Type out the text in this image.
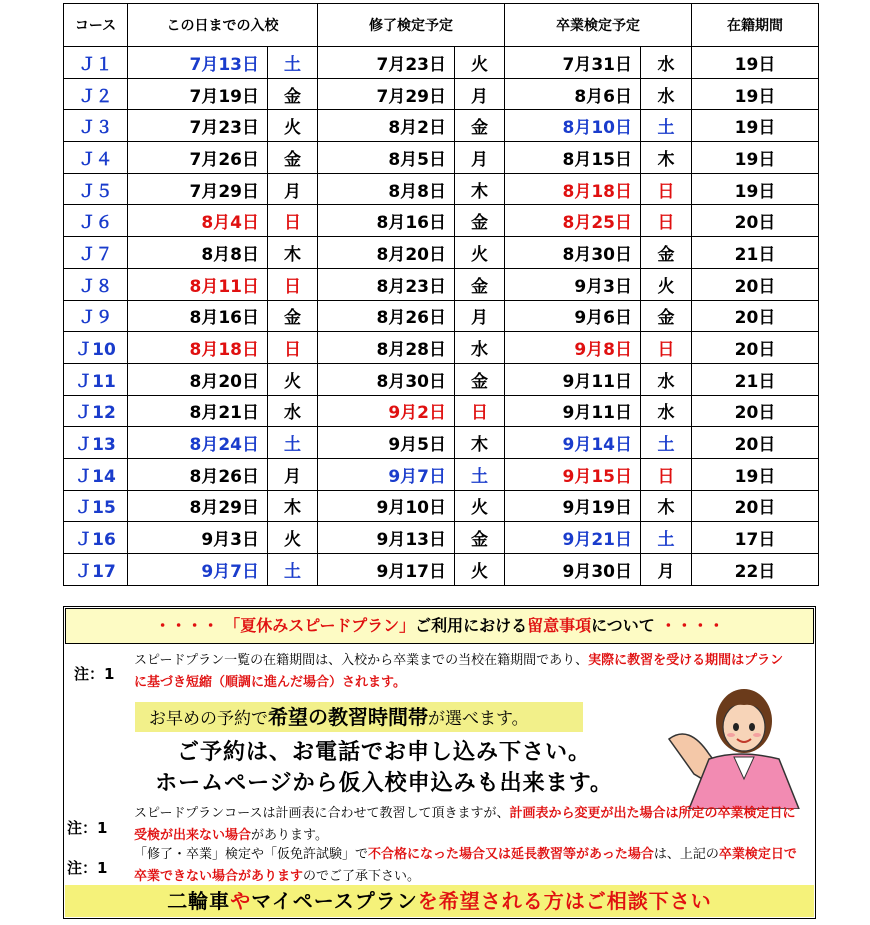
コース	この日までの入校		修了検定予定		卒業検定予定		在籍期間
Ｊ１	7月13日	土	7月23日	火	7月31日	水	19日
Ｊ２	7月19日	金	7月29日	月	8月6日	水	19日
Ｊ３	7月23日	火	8月2日	金	8月10日	土	19日
Ｊ４	7月26日	金	8月5日	月	8月15日	木	19日
Ｊ５	7月29日	月	8月8日	木	8月18日	日	19日
Ｊ６	8月4日	日	8月16日	金	8月25日	日	20日
Ｊ７	8月8日	木	8月20日	火	8月30日	金	21日
Ｊ８	8月11日	日	8月23日	金	9月3日	火	20日
Ｊ９	8月16日	金	8月26日	月	9月6日	金	20日
Ｊ10	8月18日	日	8月28日	水	9月8日	日	20日
Ｊ11	8月20日	火	8月30日	金	9月11日	水	21日
Ｊ12	8月21日	水	9月2日	日	9月11日	水	20日
Ｊ13	8月24日	土	9月5日	木	9月14日	土	20日
Ｊ14	8月26日	月	9月7日	土	9月15日	日	19日
Ｊ15	8月29日	木	9月10日	火	9月19日	木	20日
Ｊ16	9月3日	火	9月13日	金	9月21日	土	17日
Ｊ17	9月7日	土	9月17日	火	9月30日	月	22日
・・・・ 「夏休みスピードプラン」ご利用における留意事項について ・・・・
注：1
スピードプラン一覧の在籍期間は、入校から卒業までの当校在籍期間であり、実際に教習を受ける期間はプランに基づき短縮（順調に進んだ場合）されます。
お早めの予約で希望の教習時間帯が選べます。
ご予約は、お電話でお申し込み下さい。
ホームページから仮入校申込みも出来ます。
注：1
スピードプランコースは計画表に合わせて教習して頂きますが、計画表から変更が出た場合は所定の卒業検定日に受検が出来ない場合があります。
注：1
「修了・卒業」検定や「仮免許試験」で不合格になった場合又は延長教習等があった場合は、上記の卒業検定日で卒業できない場合がありますのでご了承下さい。
二輪車やマイペースプランを希望される方はご相談下さい
